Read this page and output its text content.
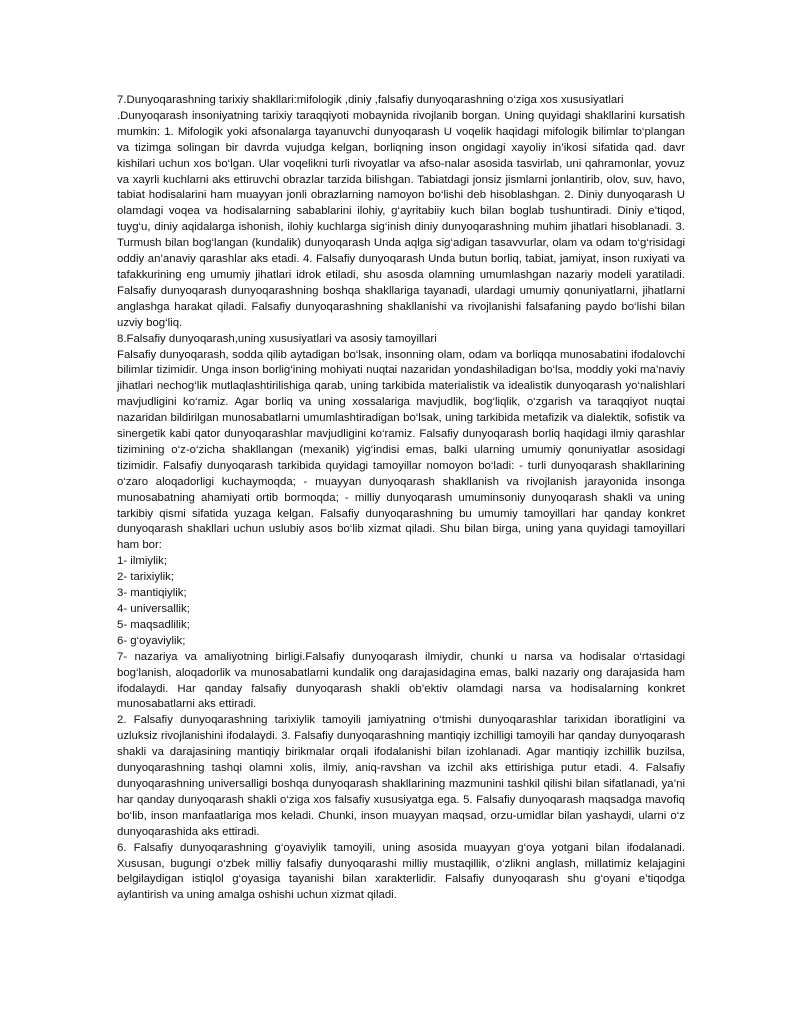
7.Dunyoqarashning tarixiy shakllari:mifologik ,diniy ,falsafiy dunyoqarashning o‘ziga xos xususiyatlari

.Dunyoqarash insoniyatning tarixiy taraqqiyoti mobaynida rivojlanib borgan. Uning quyidagi shakllarini kursatish mumkin: 1. Mifologik yoki afsonalarga tayanuvchi dunyoqarash U voqelik haqidagi mifologik bilimlar to‘plangan va tizimga solingan bir davrda vujudga kelgan, borliqning inson ongidagi xayoliy in’ikosi sifatida qad. davr kishilari uchun xos bo‘lgan. Ular voqelikni turli rivoyatlar va afso-nalar asosida tasvirlab, uni qahramonlar, yovuz va xayrli kuchlarni aks ettiruvchi obrazlar tarzida bilishgan. Tabiatdagi jonsiz jismlarni jonlantirib, olov, suv, havo, tabiat hodisalarini ham muayyan jonli obrazlarning namoyon bo‘lishi deb hisoblashgan. 2. Diniy dunyoqarash U olamdagi voqea va hodisalarning sabablarini ilohiy, g‘ayritabiiy kuch bilan boglab tushuntiradi. Diniy e’tiqod, tuyg‘u, diniy aqidalarga ishonish, ilohiy kuchlarga sig‘inish diniy dunyoqarashning muhim jihatlari hisoblanadi. 3. Turmush bilan bog‘langan (kundalik) dunyoqarash Unda aqlga sig‘adigan tasavvurlar, olam va odam to‘g‘risidagi oddiy an’anaviy qarashlar aks etadi. 4. Falsafiy dunyoqarash Unda butun borliq, tabiat, jamiyat, inson ruxiyati va tafakkurining eng umumiy jihatlari idrok etiladi, shu asosda olamning umumlashgan nazariy modeli yaratiladi. Falsafiy dunyoqarash dunyoqarashning boshqa shakllariga tayanadi, ulardagi umumiy qonuniyatlarni, jihatlarni anglashga harakat qiladi. Falsafiy dunyoqarashning shakllanishi va rivojlanishi falsafaning paydo bo‘lishi bilan uzviy bog‘liq.

8.Falsafiy dunyoqarash,uning xususiyatlari va asosiy tamoyillari

Falsafiy dunyoqarash, sodda qilib aytadigan bo‘lsak, insonning olam, odam va borliqqa munosabatini ifodalovchi bilimlar tizimidir. Unga inson borlig‘ining mohiyati nuqtai nazaridan yondashiladigan bo‘lsa, moddiy yoki ma’naviy jihatlari nechog‘lik mutlaqlashtirilishiga qarab, uning tarkibida materialistik va idealistik dunyoqarash yo‘nalishlari mavjudligini ko‘ramiz. Agar borliq va uning xossalariga mavjudlik, bog‘liqlik, o‘zgarish va taraqqiyot nuqtai nazaridan bildirilgan munosabatlarni umumlashtiradigan bo‘lsak, uning tarkibida metafizik va dialektik, sofistik va sinergetik kabi qator dunyoqarashlar mavjudligini ko‘ramiz. Falsafiy dunyoqarash borliq haqidagi ilmiy qarashlar tizimining o‘z-o‘zicha shakllangan (mexanik) yig‘indisi emas, balki ularning umumiy qonuniyatlar asosidagi tizimidir. Falsafiy dunyoqarash tarkibida quyidagi tamoyillar nomoyon bo‘ladi: - turli dunyoqarash shakllarining o‘zaro aloqadorligi kuchaymoqda; - muayyan dunyoqarash shakllanish va rivojlanish jarayonida insonga munosabatning ahamiyati ortib bormoqda; - milliy dunyoqarash umuminsoniy dunyoqarash shakli va uning tarkibiy qismi sifatida yuzaga kelgan. Falsafiy dunyoqarashning bu umumiy tamoyillari har qanday konkret dunyoqarash shakllari uchun uslubiy asos bo‘lib xizmat qiladi. Shu bilan birga, uning yana quyidagi tamoyillari ham bor:

1- ilmiylik;

2- tarixiylik;

3- mantiqiylik;

4- universallik;

5- maqsadlilik;

6- g‘oyaviylik;

7- nazariya va amaliyotning birligi.Falsafiy dunyoqarash ilmiydir, chunki u narsa va hodisalar o‘rtasidagi bog‘lanish, aloqadorlik va munosabatlarni kundalik ong darajasidagina emas, balki nazariy ong darajasida ham ifodalaydi. Har qanday falsafiy dunyoqarash shakli ob’ektiv olamdagi narsa va hodisalarning konkret munosabatlarni aks ettiradi.

2. Falsafiy dunyoqarashning tarixiylik tamoyili jamiyatning o‘tmishi dunyoqarashlar tarixidan iboratligini va uzluksiz rivojlanishini ifodalaydi. 3. Falsafiy dunyoqarashning mantiqiy izchilligi tamoyili har qanday dunyoqarash shakli va darajasining mantiqiy birikmalar orqali ifodalanishi bilan izohlanadi. Agar mantiqiy izchillik buzilsa, dunyoqarashning tashqi olamni xolis, ilmiy, aniq-ravshan va izchil aks ettirishiga putur etadi. 4. Falsafiy dunyoqarashning universalligi boshqa dunyoqarash shakllarining mazmunini tashkil qilishi bilan sifatlanadi, ya’ni har qanday dunyoqarash shakli o‘ziga xos falsafiy xususiyatga ega. 5. Falsafiy dunyoqarash maqsadga mavofiq bo‘lib, inson manfaatlariga mos keladi. Chunki, inson muayyan maqsad, orzu-umidlar bilan yashaydi, ularni o‘z dunyoqarashida aks ettiradi.

6. Falsafiy dunyoqarashning g‘oyaviylik tamoyili, uning asosida muayyan g‘oya yotgani bilan ifodalanadi. Xususan, bugungi o‘zbek milliy falsafiy dunyoqarashi milliy mustaqillik, o‘zlikni anglash, millatimiz kelajagini belgilaydigan istiqlol g‘oyasiga tayanishi bilan xarakterlidir. Falsafiy dunyoqarash shu g‘oyani e’tiqodga aylantirish va uning amalga oshishi uchun xizmat qiladi.
